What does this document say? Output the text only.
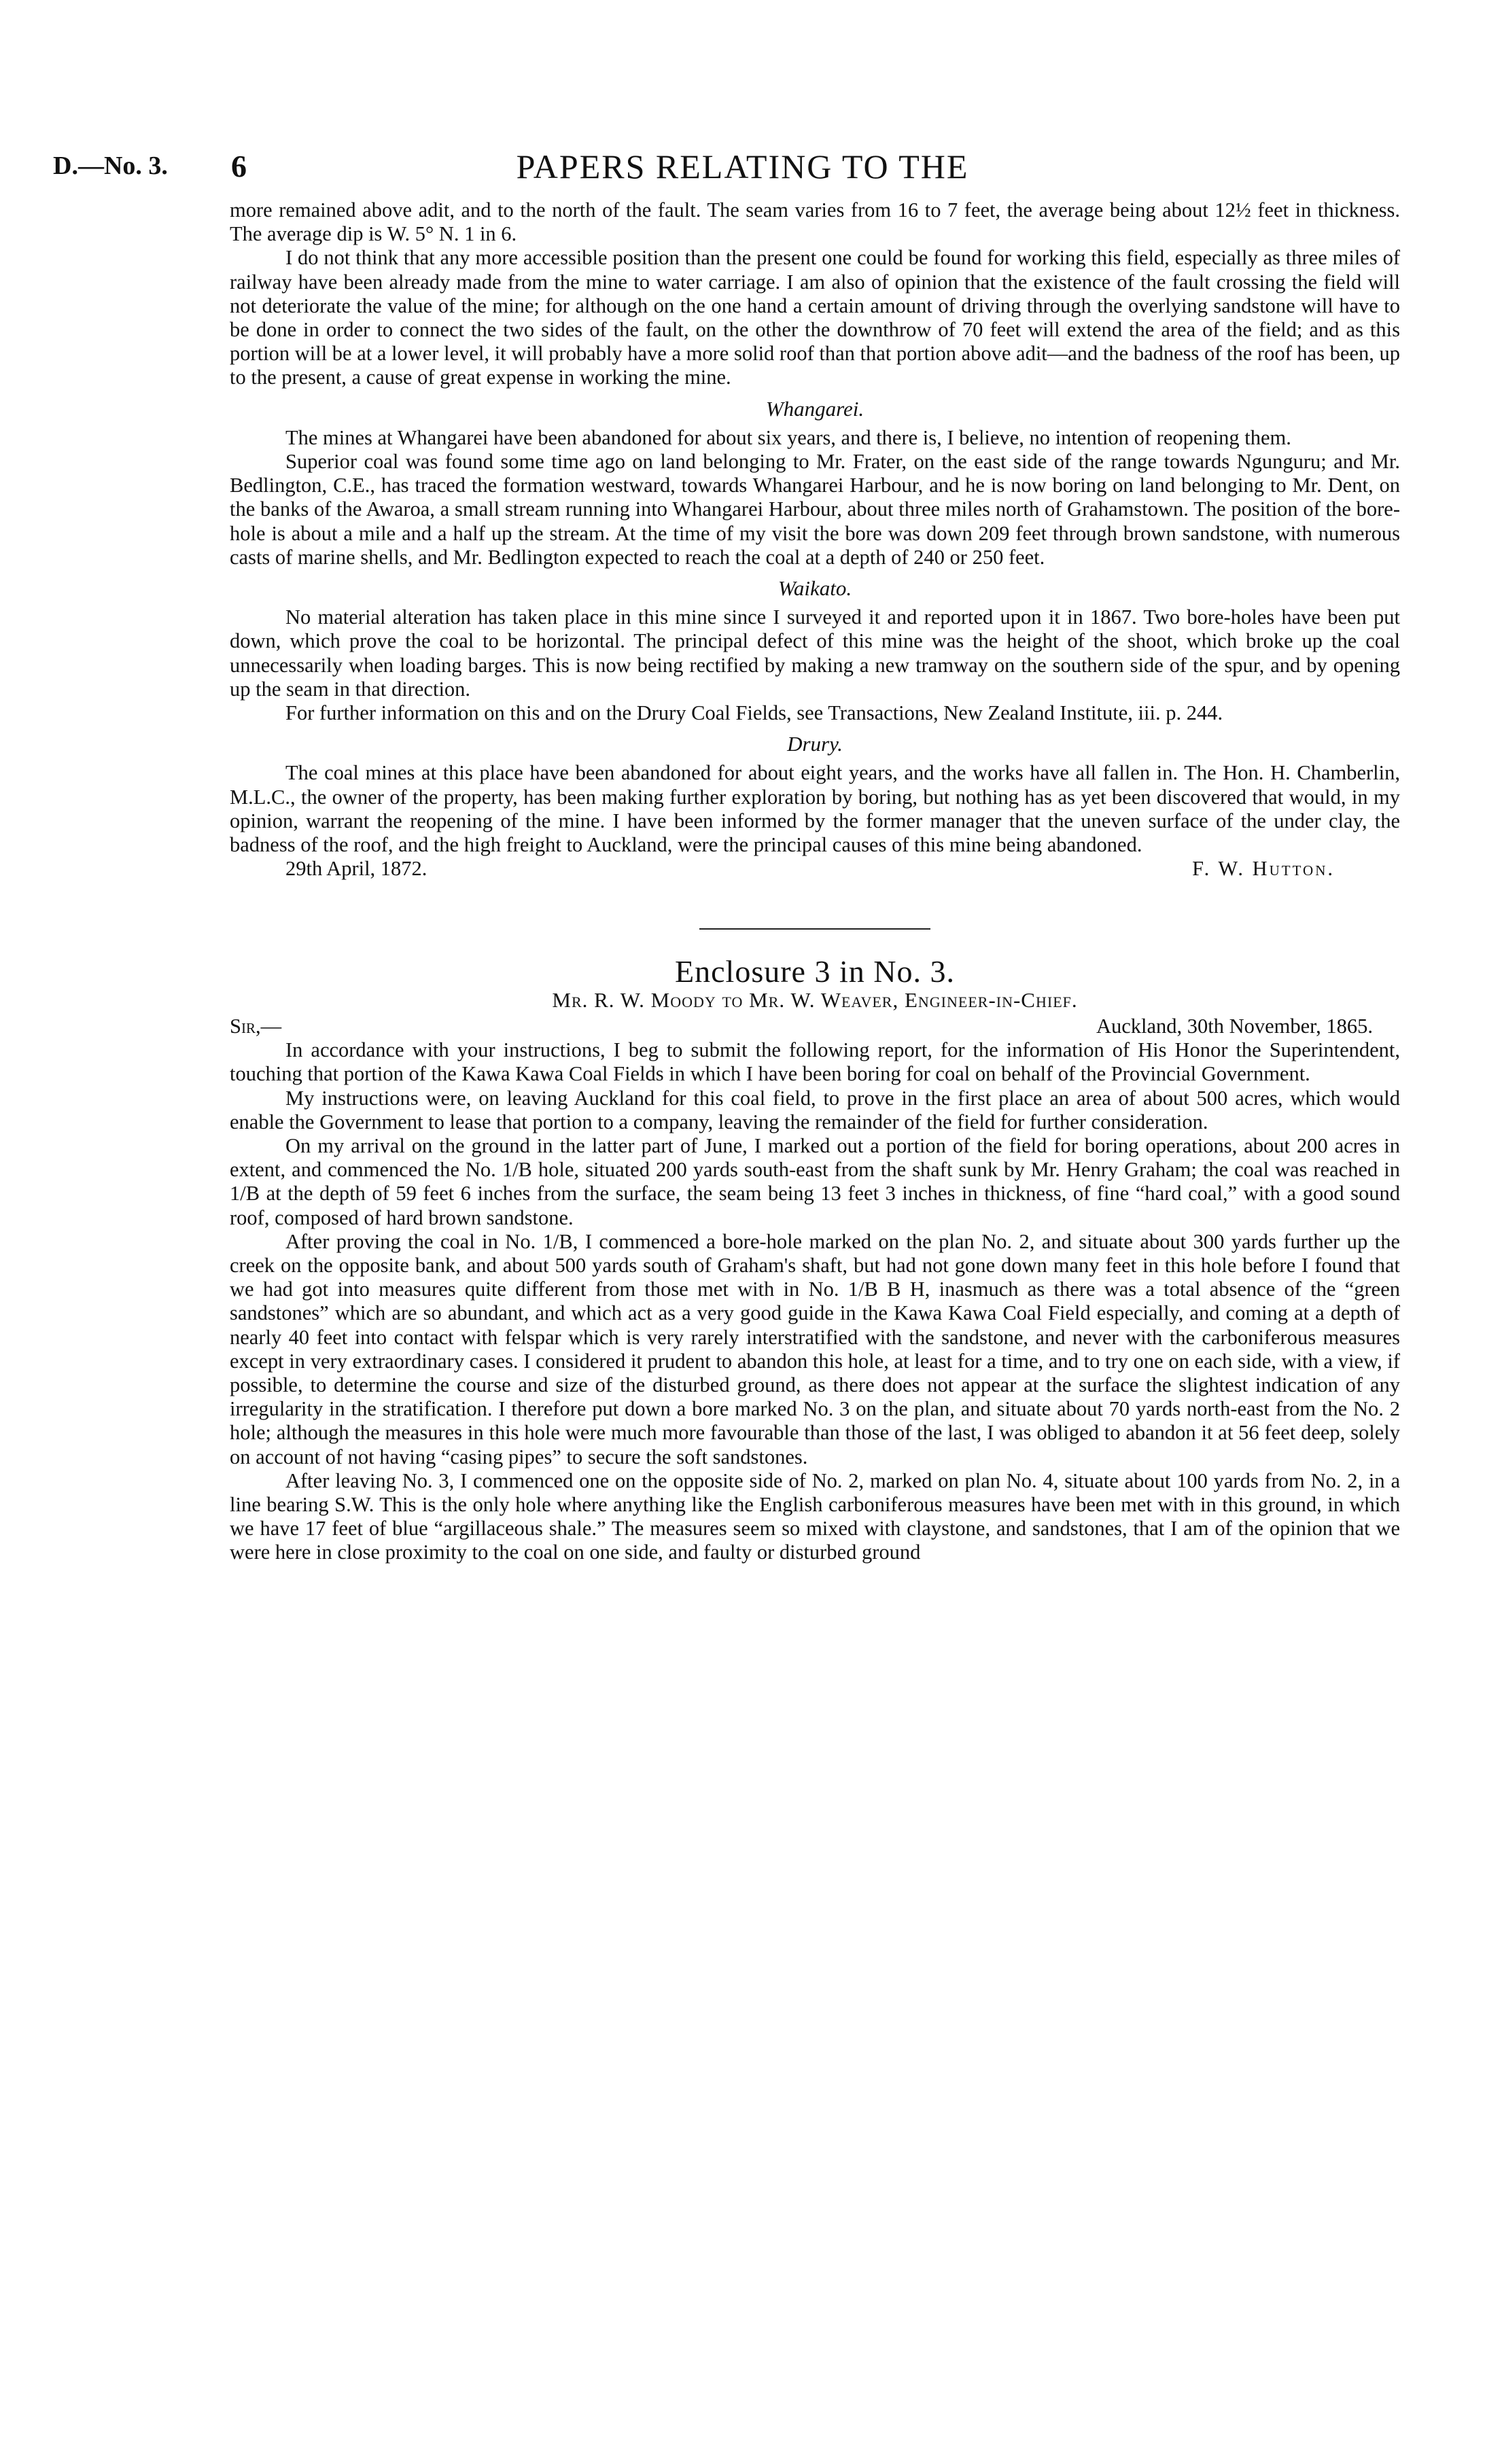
D.—No. 3. 6	PAPERS RELATING TO THE

more remained above adit, and to the north of the fault. The seam varies from 16 to 7 feet, the average being about 12½ feet in thickness. The average dip is W. 5° N. 1 in 6.

I do not think that any more accessible position than the present one could be found for working this field, especially as three miles of railway have been already made from the mine to water carriage. I am also of opinion that the existence of the fault crossing the field will not deteriorate the value of the mine; for although on the one hand a certain amount of driving through the overlying sandstone will have to be done in order to connect the two sides of the fault, on the other the downthrow of 70 feet will extend the area of the field; and as this portion will be at a lower level, it will probably have a more solid roof than that portion above adit—and the badness of the roof has been, up to the present, a cause of great expense in working the mine.

Whangarei.

The mines at Whangarei have been abandoned for about six years, and there is, I believe, no intention of reopening them.

Superior coal was found some time ago on land belonging to Mr. Frater, on the east side of the range towards Ngunguru; and Mr. Bedlington, C.E., has traced the formation westward, towards Whangarei Harbour, and he is now boring on land belonging to Mr. Dent, on the banks of the Awaroa, a small stream running into Whangarei Harbour, about three miles north of Grahamstown. The position of the bore-hole is about a mile and a half up the stream. At the time of my visit the bore was down 209 feet through brown sandstone, with numerous casts of marine shells, and Mr. Bedlington expected to reach the coal at a depth of 240 or 250 feet.

Waikato.

No material alteration has taken place in this mine since I surveyed it and reported upon it in 1867. Two bore-holes have been put down, which prove the coal to be horizontal. The principal defect of this mine was the height of the shoot, which broke up the coal unnecessarily when loading barges. This is now being rectified by making a new tramway on the southern side of the spur, and by opening up the seam in that direction.

For further information on this and on the Drury Coal Fields, see Transactions, New Zealand Institute, iii. p. 244.

Drury.

The coal mines at this place have been abandoned for about eight years, and the works have all fallen in. The Hon. H. Chamberlin, M.L.C., the owner of the property, has been making further exploration by boring, but nothing has as yet been discovered that would, in my opinion, warrant the reopening of the mine. I have been informed by the former manager that the uneven surface of the under clay, the badness of the roof, and the high freight to Auckland, were the principal causes of this mine being abandoned.

29th April, 1872.	F. W. Hutton.
Enclosure 3 in No. 3.
Mr. R. W. Moody to Mr. W. Weaver, Engineer-in-Chief.
Sir,—	Auckland, 30th November, 1865.

In accordance with your instructions, I beg to submit the following report, for the information of His Honor the Superintendent, touching that portion of the Kawa Kawa Coal Fields in which I have been boring for coal on behalf of the Provincial Government.

My instructions were, on leaving Auckland for this coal field, to prove in the first place an area of about 500 acres, which would enable the Government to lease that portion to a company, leaving the remainder of the field for further consideration.

On my arrival on the ground in the latter part of June, I marked out a portion of the field for boring operations, about 200 acres in extent, and commenced the No. 1/B hole, situated 200 yards south-east from the shaft sunk by Mr. Henry Graham; the coal was reached in 1/B at the depth of 59 feet 6 inches from the surface, the seam being 13 feet 3 inches in thickness, of fine “hard coal,” with a good sound roof, composed of hard brown sandstone.

After proving the coal in No. 1/B, I commenced a bore-hole marked on the plan No. 2, and situate about 300 yards further up the creek on the opposite bank, and about 500 yards south of Graham's shaft, but had not gone down many feet in this hole before I found that we had got into measures quite different from those met with in No. 1/B B H, inasmuch as there was a total absence of the “green sandstones” which are so abundant, and which act as a very good guide in the Kawa Kawa Coal Field especially, and coming at a depth of nearly 40 feet into contact with felspar which is very rarely interstratified with the sandstone, and never with the carboniferous measures except in very extraordinary cases. I considered it prudent to abandon this hole, at least for a time, and to try one on each side, with a view, if possible, to determine the course and size of the disturbed ground, as there does not appear at the surface the slightest indication of any irregularity in the stratification. I therefore put down a bore marked No. 3 on the plan, and situate about 70 yards north-east from the No. 2 hole; although the measures in this hole were much more favourable than those of the last, I was obliged to abandon it at 56 feet deep, solely on account of not having “casing pipes” to secure the soft sandstones.

After leaving No. 3, I commenced one on the opposite side of No. 2, marked on plan No. 4, situate about 100 yards from No. 2, in a line bearing S.W. This is the only hole where anything like the English carboniferous measures have been met with in this ground, in which we have 17 feet of blue “argillaceous shale.” The measures seem so mixed with claystone, and sandstones, that I am of the opinion that we were here in close proximity to the coal on one side, and faulty or disturbed ground
